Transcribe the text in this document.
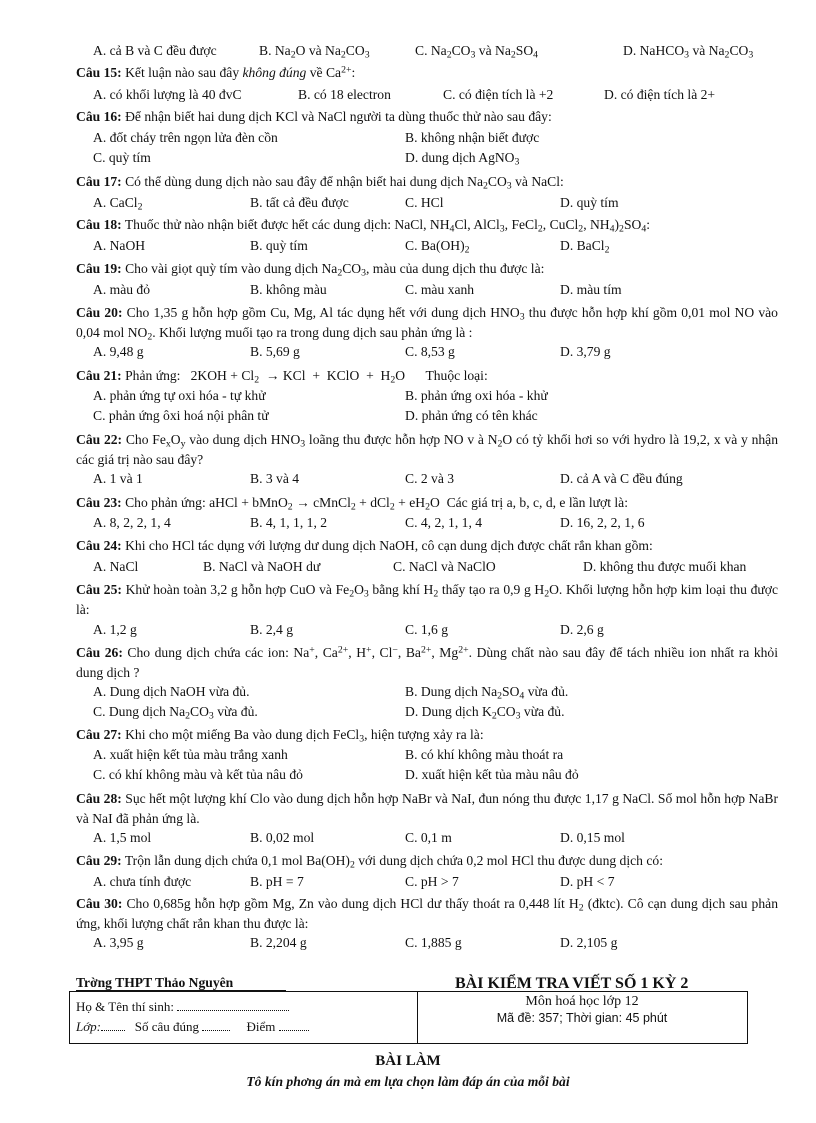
A. cả B và C đều được	B. $Na_2O$ và $Na_2CO_3$	C. $Na_2CO_3$ và $Na_2SO_4$	D. NaHCO$_3$ và $Na_2CO_3$
Câu 15: Kết luận nào sau đây không đúng về $Ca^{2+}$:
A. có khối lượng là 40 đvC	B. có 18 electron	C. có điện tích là +2	D. có điện tích là 2+
Câu 16: Để nhận biết hai dung dịch KCl và NaCl người ta dùng thuốc thử nào sau đây:
A. đốt cháy trên ngọn lửa đèn cồn	B. không nhận biết được
C. quỳ tím	D. dung dịch AgNO$_3$
Câu 17: Có thể dùng dung dịch nào sau đây để nhận biết hai dung dịch $Na_2CO_3$ và NaCl:
A. CaCl$_2$	B. tất cả đều được	C. HCl	D. quỳ tím
Câu 18: Thuốc thử nào nhận biết được hết các dung dịch: NaCl, $NH_4Cl$, AlCl$_3$, FeCl$_2$, CuCl$_2$, $NH_4)_2SO_4$:
A. NaOH	B. quỳ tím	C. $Ba(OH)_2$	D. BaCl$_2$
Câu 19: Cho vài giọt quỳ tím vào dung dịch $Na_2CO_3$, màu của dung dịch thu được là:
A. màu đỏ	B. không màu	C. màu xanh	D. màu tím
Câu 20: Cho 1,35 g hỗn hợp gồm Cu, Mg, Al tác dụng hết với dung dịch $HNO_3$ thu được hỗn hợp khí gồm 0,01 mol NO vào 0,04 mol $NO_2$. Khối lượng muối tạo ra trong dung dịch sau phản ứng là :
A. 9,48 g	B. 5,69 g	C. 8,53 g	D. 3,79 g
Câu 21: Phản ứng:   $2KOH + Cl_2$  → KCl  +  KClO  +  $H_2O$      Thuộc loại:
A. phản ứng tự oxi hóa - tự khử	B. phản ứng oxi hóa - khử
C. phản ứng ôxi hoá nội phân tử	D. phản ứng có tên khác
Câu 22: Cho $Fe_xO_y$ vào dung dịch $HNO_3$ loãng thu được hỗn hợp NO v à $N_2O$ có tỷ khối hơi so với hydro là 19,2, x và y nhận các giá trị nào sau đây?
A. 1 và 1	B. 3 và 4	C. 2 và 3	D. cả A và C đều đúng
Câu 23: Cho phản ứng: aHCl + bMnO$_2$ → cMnCl$_2$ + $dCl_2 + eH_2O$  Các giá trị a, b, c, d, e lần lượt là:
A. 8, 2, 2, 1, 4	B. 4, 1, 1, 1, 2	C. 4, 2, 1, 1, 4	D. 16, 2, 2, 1, 6
Câu 24: Khi cho HCl tác dụng với lượng dư dung dịch NaOH, cô cạn dung dịch được chất rắn khan gồm:
A. NaCl	B. NaCl và NaOH dư	C. NaCl và NaClO	D. không thu được muối khan
Câu 25: Khử hoàn toàn 3,2 g hỗn hợp CuO và $Fe_2O_3$ bằng khí $H_2$ thấy tạo ra 0,9 g $H_2O$. Khối lượng hỗn hợp kim loại thu được là:
A. 1,2 g	B. 2,4 g	C. 1,6 g	D. 2,6 g
Câu 26: Cho dung dịch chứa các ion: Na+, $Ca^{2+}$, H+, Cl−, $Ba^{2+}$, $Mg^{2+}$. Dùng chất nào sau đây để tách nhiều ion nhất ra khỏi dung dịch ?
A. Dung dịch NaOH vừa đủ.	B. Dung dịch $Na_2SO_4$ vừa đủ.
C. Dung dịch $Na_2CO_3$ vừa đủ.	D. Dung dịch $K_2CO_3$ vừa đủ.
Câu 27: Khi cho một miếng Ba vào dung dịch FeCl$_3$, hiện tượng xảy ra là:
A. xuất hiện kết tủa màu trắng xanh	B. có khí không màu thoát ra
C. có khí không màu và kết tủa nâu đỏ	D. xuất hiện kết tủa màu nâu đỏ
Câu 28: Sục hết một lượng khí Clo vào dung dịch hỗn hợp NaBr và NaI, đun nóng thu được 1,17 g NaCl. Số mol hỗn hợp NaBr và NaI đã phản ứng là.
A. 1,5 mol	B. 0,02 mol	C. 0,1 m	D. 0,15 mol
Câu 29: Trộn lẫn dung dịch chứa 0,1 mol $Ba(OH)_2$ với dung dịch chứa 0,2 mol HCl thu được dung dịch có:
A. chưa tính được	B. pH = 7	C. pH > 7	D. pH < 7
Câu 30: Cho 0,685g hỗn hợp gồm Mg, Zn vào dung dịch HCl dư thấy thoát ra 0,448 lít $H_2$ (đktc). Cô cạn dung dịch sau phản ứng, khối lượng chất rắn khan thu được là:
A. 3,95 g	B. 2,204 g	C. 1,885 g	D. 2,105 g
Trờng THPT Thảo Nguyên	BÀI KIỂM TRA VIẾT SỐ 1 KỲ 2
Họ & Tên thí sinh:
Lớp:	Số câu đúng	Điểm
Môn hoá học lớp 12
Mã đề: 357; Thời gian: 45 phút
BÀI LÀM
Tô kín phơng án mà em lựa chọn làm đáp án của mỗi bài
